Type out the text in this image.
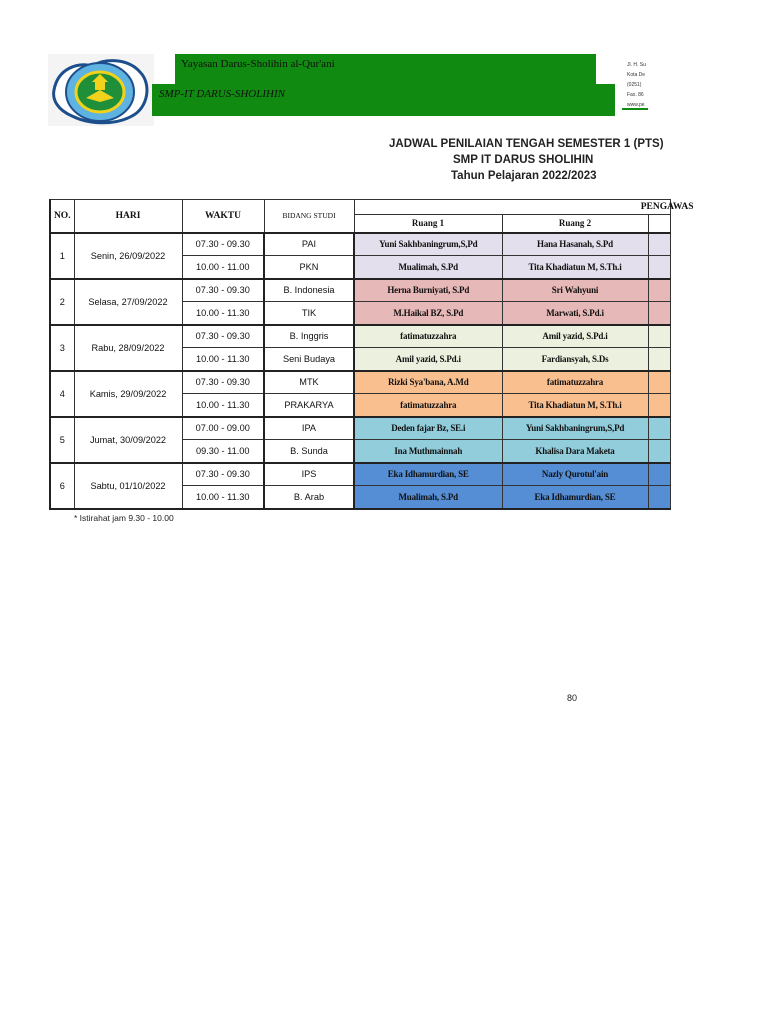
Yayasan Darus-Sholihin al-Qur'ani
SMP-IT DARUS-SHOLIHIN
Jl. H. Su
Kota De
(0251)
Fax. 86
www.pe
JADWAL PENILAIAN TENGAH SEMESTER 1 (PTS)
SMP IT DARUS SHOLIHIN
Tahun Pelajaran 2022/2023
NO.	HARI	WAKTU	BIDANG STUDI	PENGAWAS		
				Ruang 1	Ruang 2	
1	Senin, 26/09/2022	07.30 - 09.30	PAI	Yuni Sakhbaningrum,S,Pd	Hana Hasanah, S.Pd	
		10.00 - 11.00	PKN	Mualimah, S.Pd	Tita Khadiatun M, S.Th.i	
2	Selasa, 27/09/2022	07.30 - 09.30	B. Indonesia	Herna Burniyati, S.Pd	Sri Wahyuni	
		10.00 - 11.30	TIK	M.Haikal BZ, S.Pd	Marwati, S.Pd.i	
3	Rabu, 28/09/2022	07.30 - 09.30	B. Inggris	fatimatuzzahra	Amil yazid, S.Pd.i	
		10.00 - 11.30	Seni Budaya	Amil yazid, S.Pd.i	Fardiansyah, S.Ds	
4	Kamis, 29/09/2022	07.30 - 09.30	MTK	Rizki Sya'bana, A.Md	fatimatuzzahra	
		10.00 - 11.30	PRAKARYA	fatimatuzzahra	Tita Khadiatun M, S.Th.i	
5	Jumat, 30/09/2022	07.00 - 09.00	IPA	Deden fajar Bz, SE.i	Yuni Sakhbaningrum,S,Pd	
		09.30 - 11.00	B. Sunda	Ina Muthmainnah	Khalisa Dara Maketa	
6	Sabtu, 01/10/2022	07.30 - 09.30	IPS	Eka Idhamurdian, SE	Nazly Qurotul'ain	
		10.00 - 11.30	B. Arab	Mualimah, S.Pd	Eka Idhamurdian, SE	
* Istirahat jam 9.30 - 10.00
80
